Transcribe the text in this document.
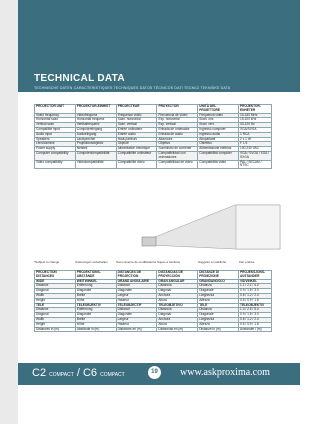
TECHNICAL DATA
TECHNISCHE DATEN CARACTERISTIQUES TECHNIQUES DATOS TÉCNICOS DATI TECNICI TEKNISKE DATA
PROJECTOR UNIT	PROJEKTOR-EINHEIT	PROJECTEUR	PROYECTOR	UNITÀ DEL PROIETTORE	PROJEKTOR-ENHETER
Video frequency	Videofrequenz	Fréquence vidéo	Frecuencia de vídeo	Frequenza video	15-150 MHz
Horizontal scan	Horizontal frequenz	Scan. horizontal	Exp. horizontal	Scan. oriz.	15-100 kHz
Vertical scan	Vertikalfrequenz	Scan. vertical	Exp. vertical	Scan. vert.	43-120 Hz
Compatible input	Computereingang	Entrée ordinateur	Entrada de ordenador	Ingresso computer	XGA/SVGA
Audio input	Audioeingang	Entrée audio	Entrada de audio	Ingresso audio	1 RCA
Speakers	Lautsprecher	Haut-parleurs	Altavoces	Altoparlanti	2 x 1 W
Lens/camera	Projektionsobjektiv	Objectif	Objetivo	Obiettivo	F 1.9
Power supply	Netzteil	Alimentation électrique	Suministro de corriente	Alimentazione elettrica	100-240 VAC
Computer compatibility	Computerkompatibilität	Compatibilité ordinateur	Compatibilidad con ordenadores	Compatibilità computer	VGA / SVGA / XGA / SXGA
Video compatibility	Videokompatibilität	Compatibilité vidéo	Compatibilidad de vídeo	Compatibilità video	PAL / SECAM / NTSC
*Subject to change	Änderungen vorbehalten	Sous réserve de modifications Sujeto a cambios	Soggetto a modifiche	Kan endres
PROJECTION DISTANCES	PROJEKTIONS-ABSTÄNDE	DISTANCES DE PROJECTION	DISTANCIAS DE PROYECCIÓN	DISTANZE DI PROIEZIONE	PROJEKSJONS-AVSTANDER
WIDE	WEITWINKEL	GRAND ANGULAIRE	GRAN ANGULAR	GRANDANGOLO	VIDVINKEL
Distance	Entfernung	Distance	Distancia	Distanza	1.1 / 2.1 / 4.2
Diagonal	Diagonale	Diagonale	Diagonal	Diagonale	0.9 / 1.5 / 3.0
Width	Breite	Largeur	Anchura	Larghezza	0.6 / 1.2 / 2.4
Height	Höhe	Hauteur	Altura	Altezza	0.5 / 0.9 / 1.8
TELE	TELEOBJEKTIV	TÉLÉOBJECTIF	TELEOBJETIVO	TELE	TELEOBJEKTIV
Distance	Entfernung	Distance	Distancia	Distanza	1.3 / 2.5 / 5.0
Diagonal	Diagonale	Diagonale	Diagonal	Diagonale	0.9 / 1.5 / 3.0
Width	Breite	Largeur	Anchura	Larghezza	0.6 / 1.2 / 2.4
Height	Höhe	Hauteur	Altura	Altezza	0.5 / 0.9 / 1.8
Distances in (m)	Abstände in (m)	Distances en (m)	Distancias en (m)	Distanze in (m)	Avstander i (m)
C2 COMPACT / C6 COMPACT	19	www.askproxima.com
